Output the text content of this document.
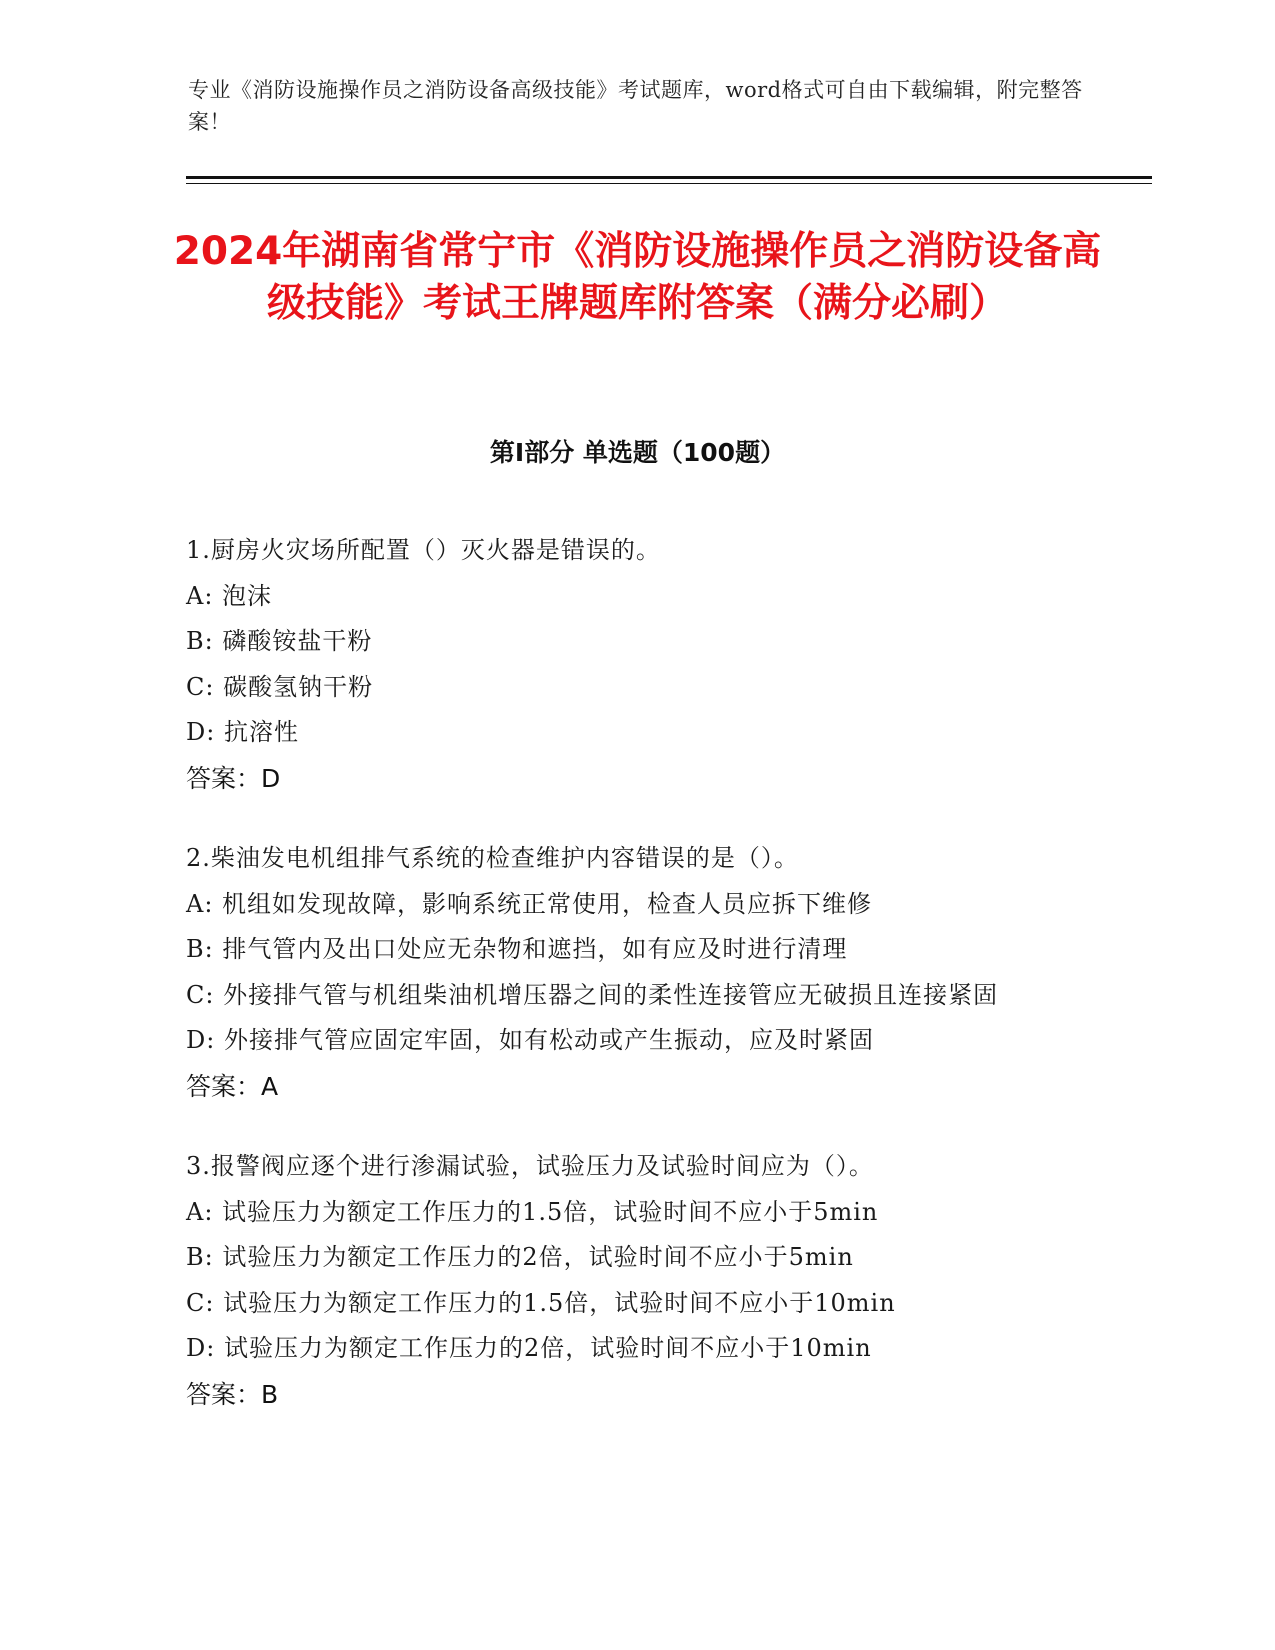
专业《消防设施操作员之消防设备高级技能》考试题库，word格式可自由下载编辑，附完整答案！
2024年湖南省常宁市《消防设施操作员之消防设备高级技能》考试王牌题库附答案（满分必刷）
第I部分 单选题（100题）

1.厨房火灾场所配置（）灭火器是错误的。

A: 泡沫

B: 磷酸铵盐干粉

C: 碳酸氢钠干粉

D: 抗溶性

答案：D

2.柴油发电机组排气系统的检查维护内容错误的是（）。

A: 机组如发现故障，影响系统正常使用，检查人员应拆下维修

B: 排气管内及出口处应无杂物和遮挡，如有应及时进行清理

C: 外接排气管与机组柴油机增压器之间的柔性连接管应无破损且连接紧固

D: 外接排气管应固定牢固，如有松动或产生振动，应及时紧固

答案：A

3.报警阀应逐个进行渗漏试验，试验压力及试验时间应为（）。

A: 试验压力为额定工作压力的1.5倍，试验时间不应小于5min

B: 试验压力为额定工作压力的2倍，试验时间不应小于5min

C: 试验压力为额定工作压力的1.5倍，试验时间不应小于10min

D: 试验压力为额定工作压力的2倍，试验时间不应小于10min

答案：B
